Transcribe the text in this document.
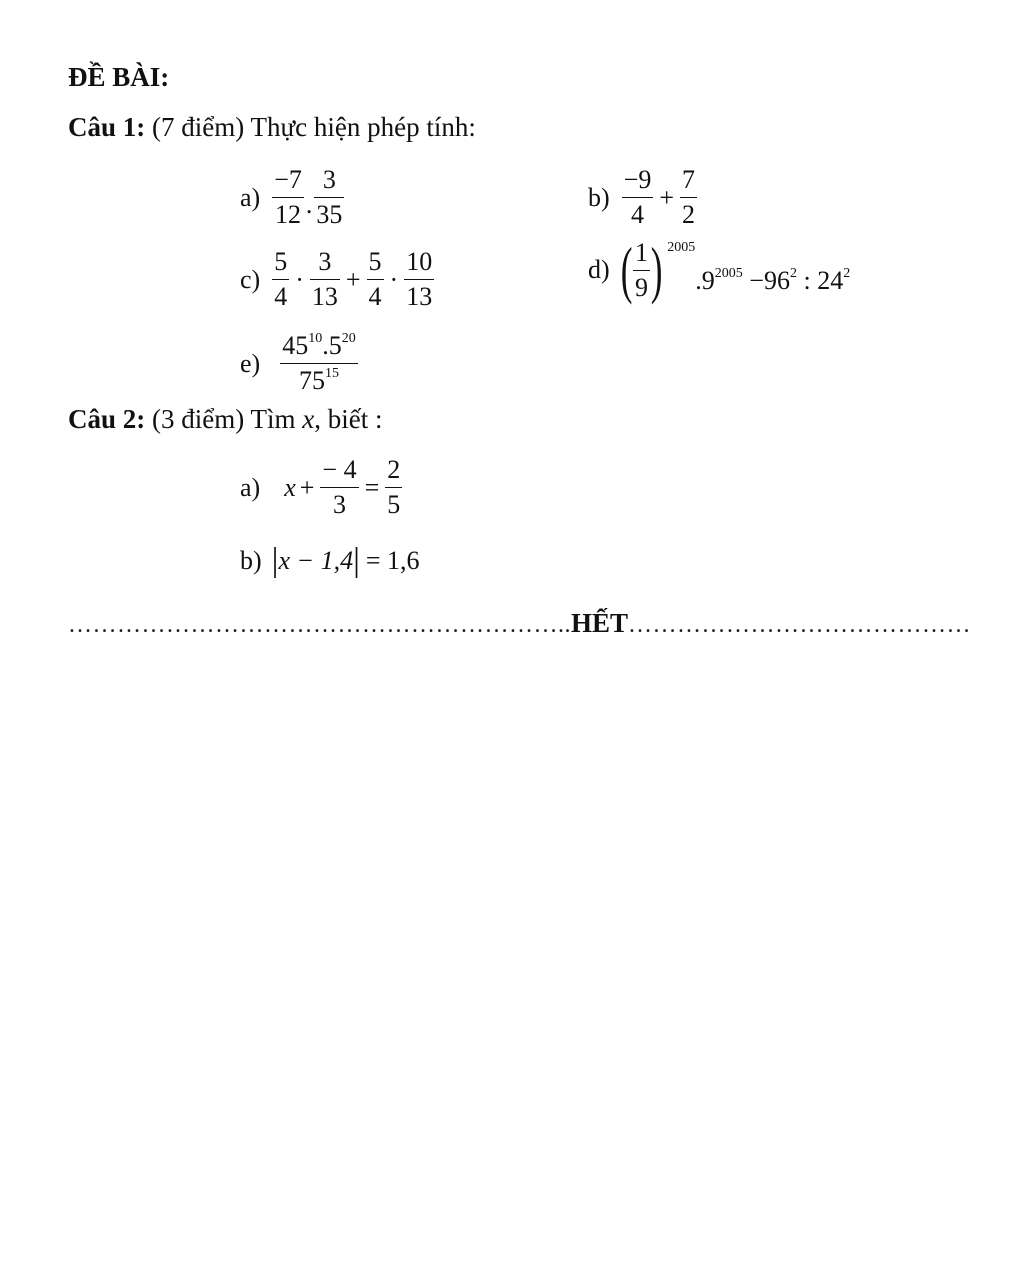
ĐỀ BÀI:
Câu 1: (7 điểm) Thực hiện phép tính:
$a) \frac{-7}{12}$ . $\frac{3}{35}$	$b) \frac{-9}{4} + \frac{7}{2}$
$c) \frac{5}{4} \cdot \frac{3}{13} + \frac{5}{4} \cdot \frac{10}{13}$	d) ( $\frac{1}{9}$ ) 2005
$.9^{2005} -96^2$ : $24^2$
$e) \frac{45^{10}.5^{20}}{75^{15}}$
Câu 2: (3 điểm) Tìm x, biết :
a) $x + \frac{- 4}{3} = \frac{2}{5}$
b) | x − 1,4 | = 1,6
……………………………………………………..HẾT……………………………………
